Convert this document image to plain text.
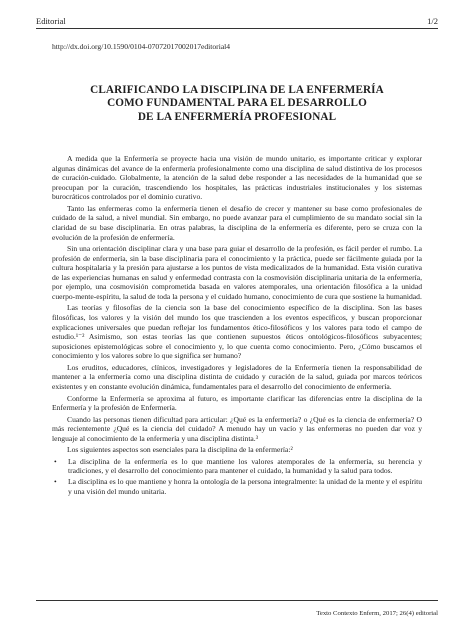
Editorial	1/2
http://dx.doi.org/10.1590/0104-07072017002017editorial4
CLARIFICANDO LA DISCIPLINA DE LA ENFERMERÍA
COMO FUNDAMENTAL PARA EL DESARROLLO
DE LA ENFERMERÍA PROFESIONAL

A medida que la Enfermería se proyecte hacia una visión de mundo unitario, es importante criticar y explorar algunas dinámicas del avance de la enfermería profesionalmente como una disciplina de salud distintiva de los procesos de curación-cuidado. Globalmente, la atención de la salud debe responder a las necesidades de la humanidad que se preocupan por la curación, trascendiendo los hospitales, las prácticas industriales institucionales y los sistemas burocráticos controlados por el dominio curativo.

Tanto las enfermeras como la enfermería tienen el desafío de crecer y mantener su base como profesionales de cuidado de la salud, a nivel mundial. Sin embargo, no puede avanzar para el cumplimiento de su mandato social sin la claridad de su base disciplinaria. En otras palabras, la disciplina de la enfermería es diferente, pero se cruza con la evolución de la profesión de enfermería.

Sin una orientación disciplinar clara y una base para guiar el desarrollo de la profesión, es fácil perder el rumbo. La profesión de enfermería, sin la base disciplinaria para el conocimiento y la práctica, puede ser fácilmente guiada por la cultura hospitalaria y la presión para ajustarse a los puntos de vista medicalizados de la humanidad. Esta visión curativa de las experiencias humanas en salud y enfermedad contrasta con la cosmovisión disciplinaria unitaria de la enfermería, por ejemplo, una cosmovisión comprometida basada en valores atemporales, una orientación filosófica a la unidad cuerpo-mente-espíritu, la salud de toda la persona y el cuidado humano, conocimiento de cura que sostiene la humanidad.

Las teorías y filosofías de la ciencia son la base del conocimiento específico de la disciplina. Son las bases filosóficas, los valores y la visión del mundo los que trascienden a los eventos específicos, y buscan proporcionar explicaciones universales que puedan reflejar los fundamentos ético-filosóficos y los valores para todo el campo de estudio.¹⁻² Asimismo, son estas teorías las que contienen supuestos éticos ontológicos-filosóficos subyacentes; suposiciones epistemológicas sobre el conocimiento y, lo que cuenta como conocimiento. Pero, ¿Cómo buscamos el conocimiento y los valores sobre lo que significa ser humano?

Los eruditos, educadores, clínicos, investigadores y legisladores de la Enfermería tienen la responsabilidad de mantener a la enfermería como una disciplina distinta de cuidado y curación de la salud, guiada por marcos teóricos existentes y en constante evolución dinámica, fundamentales para el desarrollo del conocimiento de enfermería.

Conforme la Enfermería se aproxima al futuro, es importante clarificar las diferencias entre la disciplina de la Enfermería y la profesión de Enfermería.

Cuando las personas tienen dificultad para articular: ¿Qué es la enfermería? o ¿Qué es la ciencia de enfermería? O más recientemente ¿Qué es la ciencia del cuidado? A menudo hay un vacío y las enfermeras no pueden dar voz y lenguaje al conocimiento de la enfermería y una disciplina distinta.³

Los siguientes aspectos son esenciales para la disciplina de la enfermería:²

• La disciplina de la enfermería es lo que mantiene los valores atemporales de la enfermería, su herencia y tradiciones, y el desarrollo del conocimiento para mantener el cuidado, la humanidad y la salud para todos.
• La disciplina es lo que mantiene y honra la ontología de la persona integralmente: la unidad de la mente y el espíritu y una visión del mundo unitaria.
Texto Contexto Enferm, 2017; 26(4) editorial
